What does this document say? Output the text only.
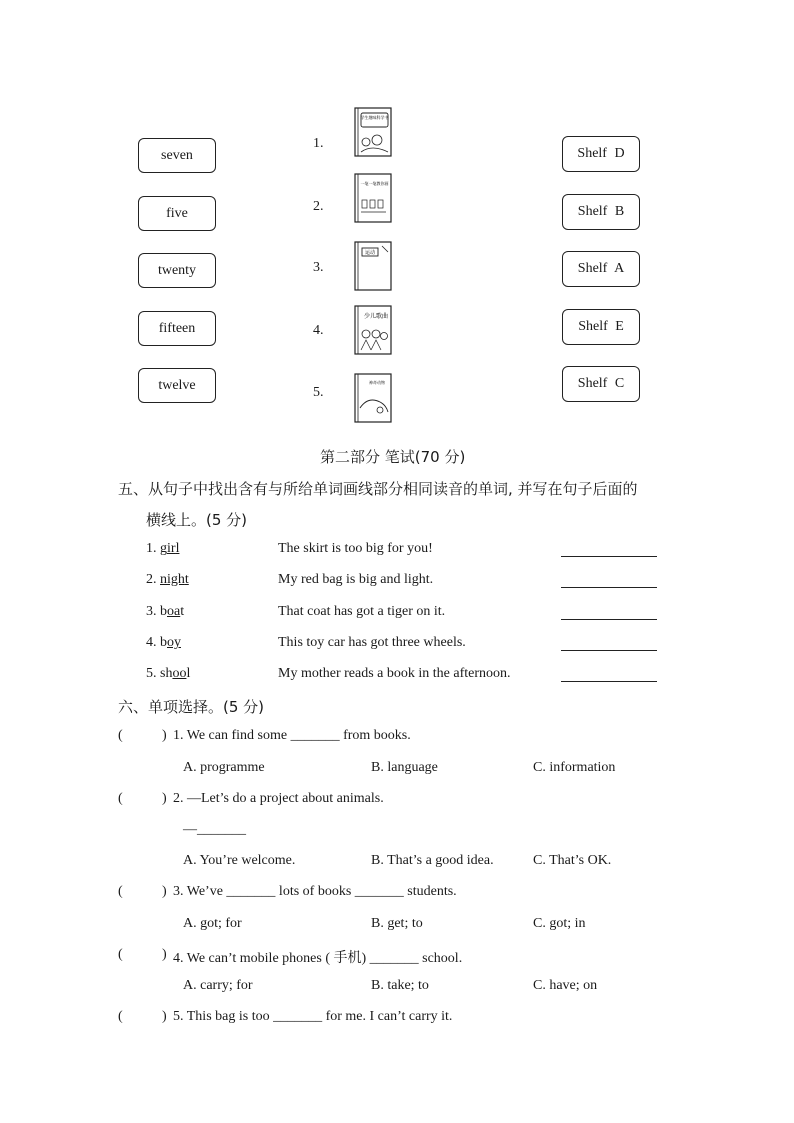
seven
five
twenty
fifteen
twelve
1.
2.
3.
4.
5.
学生趣味科学书
一笔一笔教你画
运动
少儿歌曲
神奇动物
Shelf D
Shelf B
Shelf A
Shelf E
Shelf C
第二部分 笔试(70 分)
五、从句子中找出含有与所给单词画线部分相同读音的单词, 并写在句子后面的
横线上。(5 分)
1. girl	The skirt is too big for you!
2. night	My red bag is big and light.
3. boat	That coat has got a tiger on it.
4. boy	This toy car has got three wheels.
5. shool	My mother reads a book in the afternoon.
六、单项选择。(5 分)
(	) 1. We can find some _______ from books.
A. programme	B. language	C. information
(	) 2. —Let’s do a project about animals.
—_______
A. You’re welcome.	B. That’s a good idea.	C. That’s OK.
(	) 3. We’ve _______ lots of books _______ students.
A. got; for	B. get; to	C. got; in
(	) 4. We can’t mobile phones ( 手机) _______ school.
A. carry; for	B. take; to	C. have; on
(	) 5. This bag is too _______ for me. I can’t carry it.
